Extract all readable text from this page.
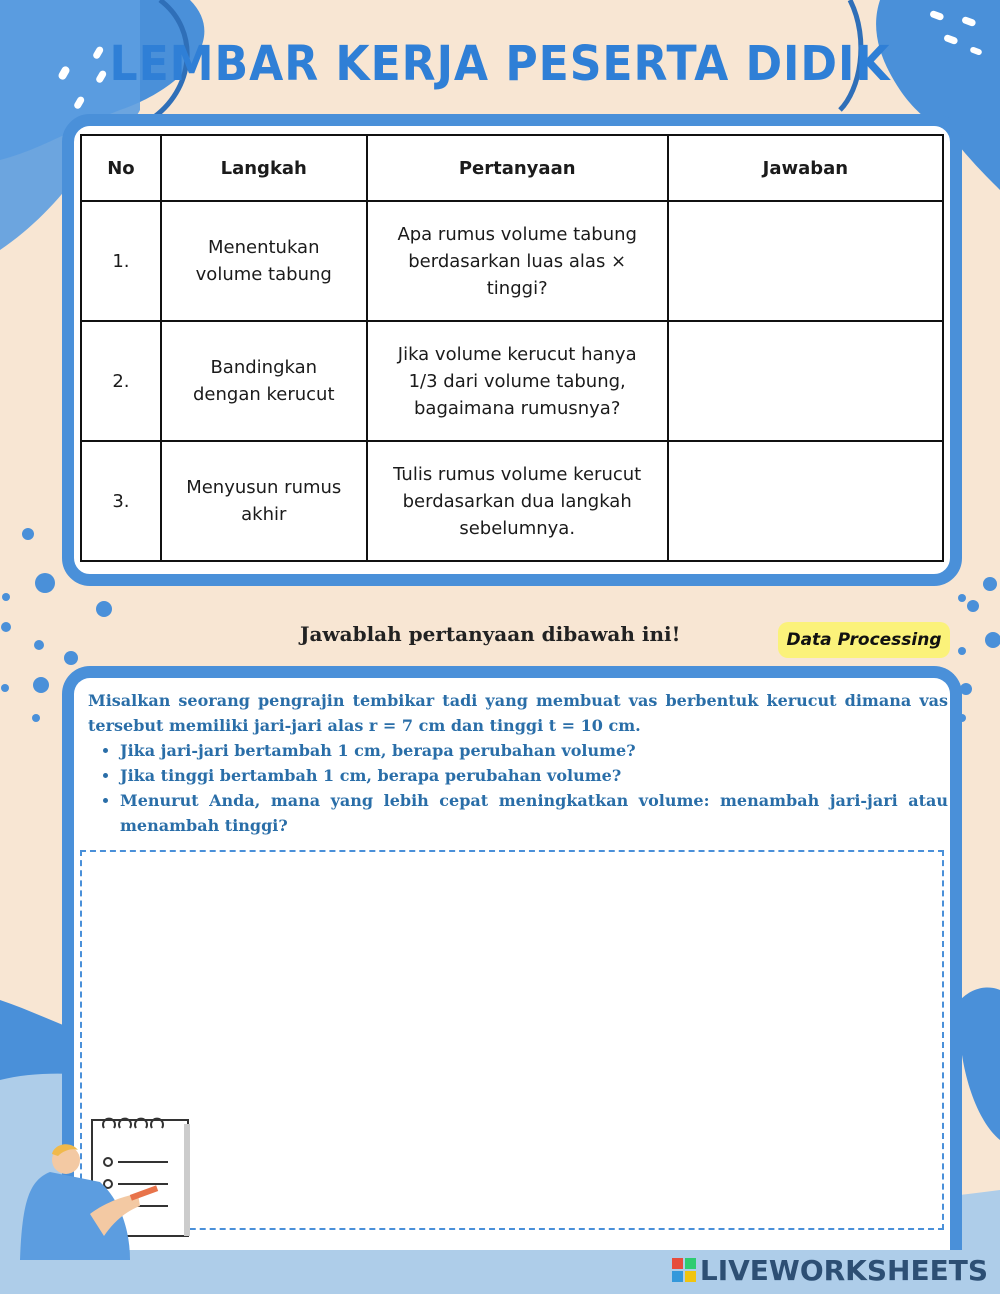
LEMBAR KERJA PESERTA DIDIK
No	Langkah	Pertanyaan	Jawaban
1.	Menentukan volume tabung	Apa rumus volume tabung berdasarkan luas alas × tinggi?	
2.	Bandingkan dengan kerucut	Jika volume kerucut hanya 1/3 dari volume tabung, bagaimana rumusnya?	
3.	Menyusun rumus akhir	Tulis rumus volume kerucut berdasarkan dua langkah sebelumnya.	
Jawablah pertanyaan dibawah ini!	Data Processing

Misalkan seorang pengrajin tembikar tadi yang membuat vas berbentuk kerucut dimana vas tersebut memiliki jari-jari alas r = 7 cm dan tinggi t = 10 cm.

• Jika jari-jari bertambah 1 cm, berapa perubahan volume?
• Jika tinggi bertambah 1 cm, berapa perubahan volume?
• Menurut Anda, mana yang lebih cepat meningkatkan volume: menambah jari-jari atau menambah tinggi?
LIVEWORKSHEETS
